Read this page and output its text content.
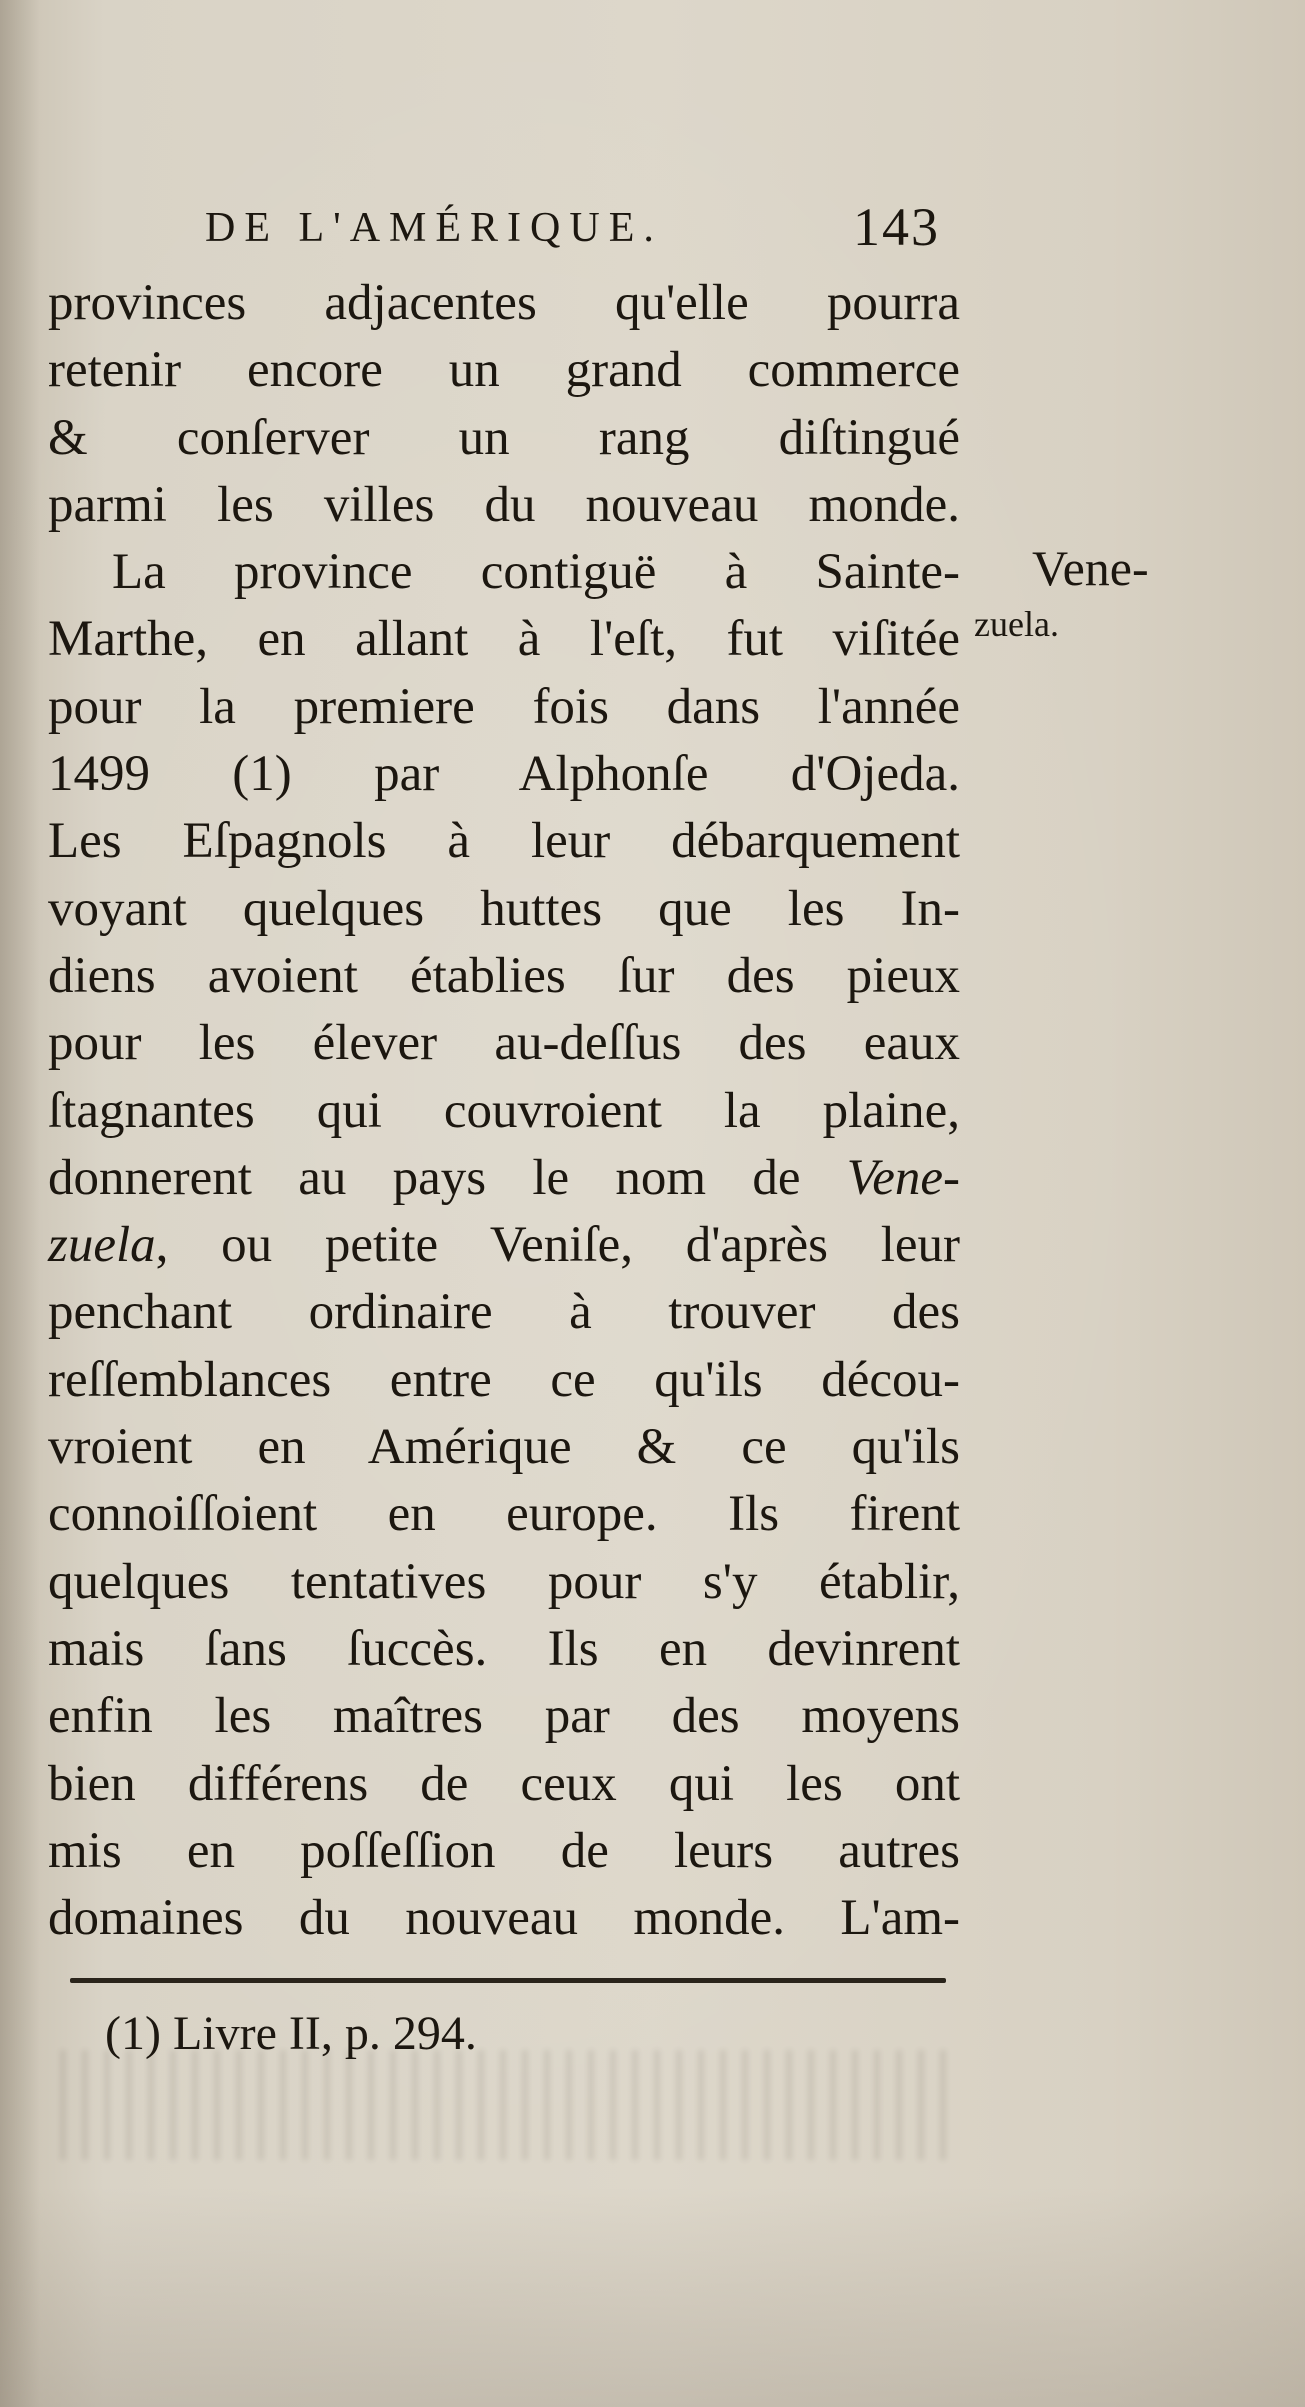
DE L'AMÉRIQUE.	143
provinces adjacentes qu'elle pourra
retenir encore un grand commerce
& conſerver un rang diſtingué
parmi les villes du nouveau monde.
La province contiguë à Sainte-
Marthe, en allant à l'eſt, fut viſitée
pour la premiere fois dans l'année
1499 (1) par Alphonſe d'Ojeda.
Les Eſpagnols à leur débarquement
voyant quelques huttes que les In-
diens avoient établies ſur des pieux
pour les élever au-deſſus des eaux
ſtagnantes qui couvroient la plaine,
donnerent au pays le nom de Vene-
zuela, ou petite Veniſe, d'après leur
penchant ordinaire à trouver des
reſſemblances entre ce qu'ils décou-
vroient en Amérique & ce qu'ils
connoiſſoient en europe. Ils firent
quelques tentatives pour s'y établir,
mais ſans ſuccès. Ils en devinrent
enfin les maîtres par des moyens
bien différens de ceux qui les ont
mis en poſſeſſion de leurs autres
domaines du nouveau monde. L'am-
Vene-
zuela.
(1) Livre II, p. 294.
